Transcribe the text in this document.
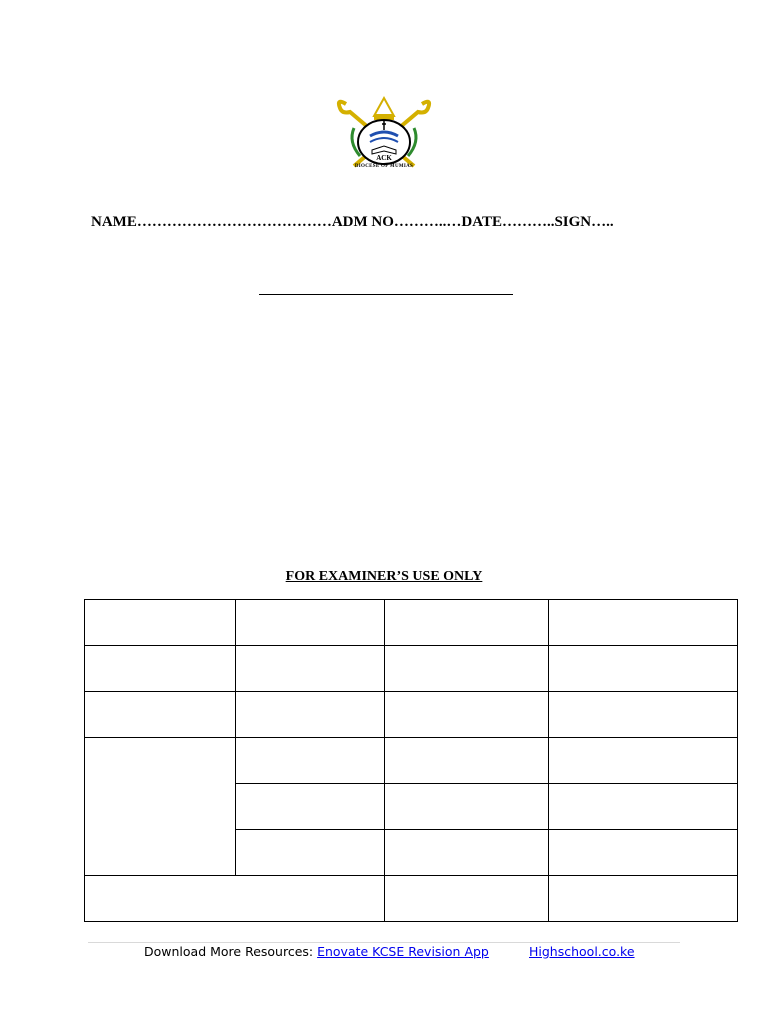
ACK
DIOCESE OF MUMIAS
NAME…………………………………ADM NO………..…DATE………..SIGN…..
FOR EXAMINER’S USE ONLY

Download More Resources: Enovate KCSE Revision App	Highschool.co.ke
